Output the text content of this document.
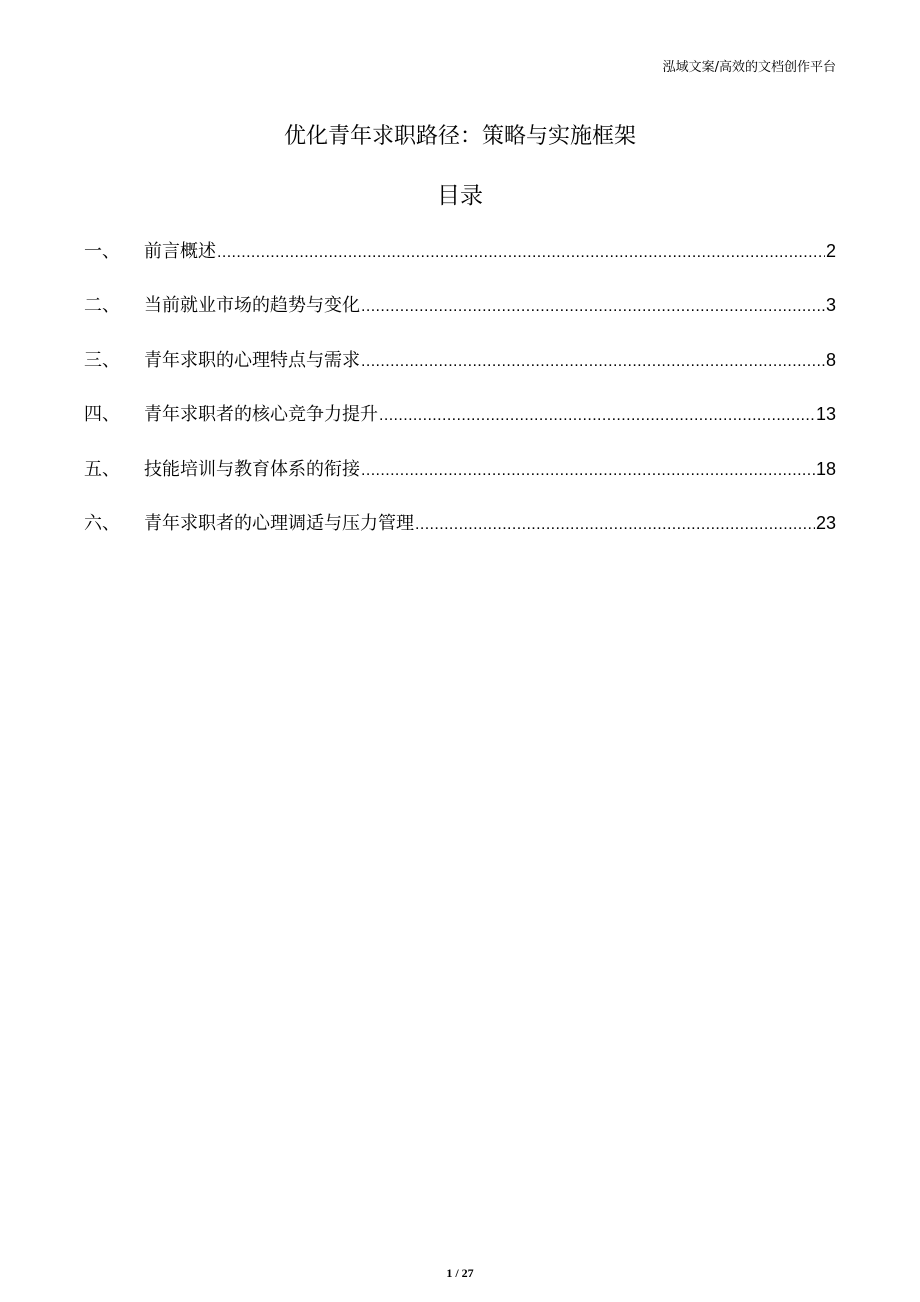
泓域文案/高效的文档创作平台
优化青年求职路径：策略与实施框架
目录
一、	前言概述 .....	2
二、	当前就业市场的趋势与变化 .....	3
三、	青年求职的心理特点与需求 .....	8
四、	青年求职者的核心竞争力提升 .....	13
五、	技能培训与教育体系的衔接 .....	18
六、	青年求职者的心理调适与压力管理 .....	23
1 / 27
